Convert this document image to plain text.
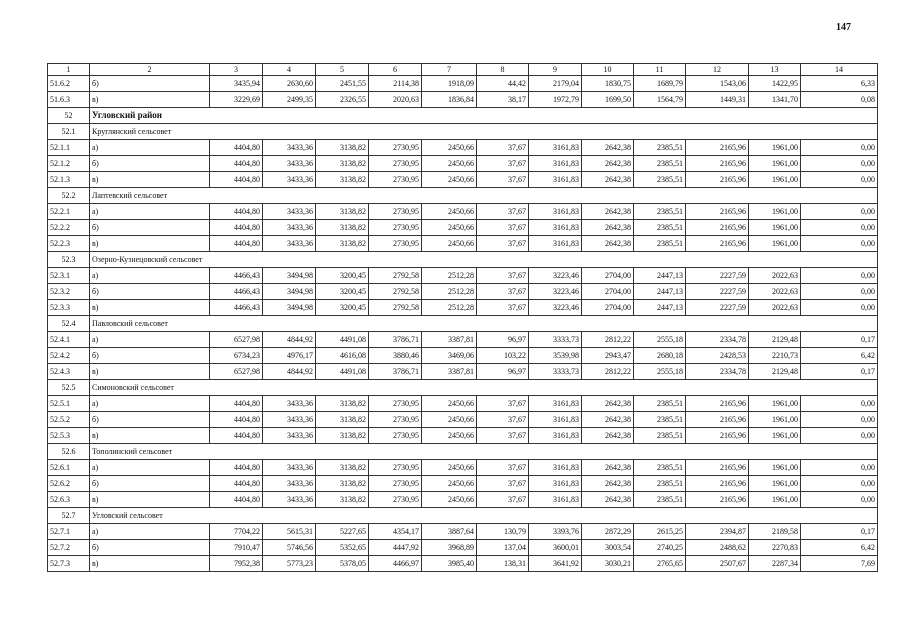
147
1	2	3	4	5	6	7	8	9	10	11	12	13	14
51.6.2	б)	3435,94	2630,60	2451,55	2114,38	1918,09	44,42	2179,04	1830,75	1689,79	1543,06	1422,95	6,33
51.6.3	в)	3229,69	2499,35	2326,55	2020,63	1836,84	38,17	1972,79	1699,50	1564,79	1449,31	1341,70	0,08
52	Угловский район												
52.1	Круглянский сельсовет												
52.1.1	а)	4404,80	3433,36	3138,82	2730,95	2450,66	37,67	3161,83	2642,38	2385,51	2165,96	1961,00	0,00
52.1.2	б)	4404,80	3433,36	3138,82	2730,95	2450,66	37,67	3161,83	2642,38	2385,51	2165,96	1961,00	0,00
52.1.3	в)	4404,80	3433,36	3138,82	2730,95	2450,66	37,67	3161,83	2642,38	2385,51	2165,96	1961,00	0,00
52.2	Лаптевский сельсовет												
52.2.1	а)	4404,80	3433,36	3138,82	2730,95	2450,66	37,67	3161,83	2642,38	2385,51	2165,96	1961,00	0,00
52.2.2	б)	4404,80	3433,36	3138,82	2730,95	2450,66	37,67	3161,83	2642,38	2385,51	2165,96	1961,00	0,00
52.2.3	в)	4404,80	3433,36	3138,82	2730,95	2450,66	37,67	3161,83	2642,38	2385,51	2165,96	1961,00	0,00
52.3	Озерно-Кузнецовский сельсовет												
52.3.1	а)	4466,43	3494,98	3200,45	2792,58	2512,28	37,67	3223,46	2704,00	2447,13	2227,59	2022,63	0,00
52.3.2	б)	4466,43	3494,98	3200,45	2792,58	2512,28	37,67	3223,46	2704,00	2447,13	2227,59	2022,63	0,00
52.3.3	в)	4466,43	3494,98	3200,45	2792,58	2512,28	37,67	3223,46	2704,00	2447,13	2227,59	2022,63	0,00
52.4	Павловский сельсовет												
52.4.1	а)	6527,98	4844,92	4491,08	3786,71	3387,81	96,97	3333,73	2812,22	2555,18	2334,78	2129,48	0,17
52.4.2	б)	6734,23	4976,17	4616,08	3880,46	3469,06	103,22	3539,98	2943,47	2680,18	2428,53	2210,73	6,42
52.4.3	в)	6527,98	4844,92	4491,08	3786,71	3387,81	96,97	3333,73	2812,22	2555,18	2334,78	2129,48	0,17
52.5	Симоновский сельсовет												
52.5.1	а)	4404,80	3433,36	3138,82	2730,95	2450,66	37,67	3161,83	2642,38	2385,51	2165,96	1961,00	0,00
52.5.2	б)	4404,80	3433,36	3138,82	2730,95	2450,66	37,67	3161,83	2642,38	2385,51	2165,96	1961,00	0,00
52.5.3	в)	4404,80	3433,36	3138,82	2730,95	2450,66	37,67	3161,83	2642,38	2385,51	2165,96	1961,00	0,00
52.6	Тополинский сельсовет												
52.6.1	а)	4404,80	3433,36	3138,82	2730,95	2450,66	37,67	3161,83	2642,38	2385,51	2165,96	1961,00	0,00
52.6.2	б)	4404,80	3433,36	3138,82	2730,95	2450,66	37,67	3161,83	2642,38	2385,51	2165,96	1961,00	0,00
52.6.3	в)	4404,80	3433,36	3138,82	2730,95	2450,66	37,67	3161,83	2642,38	2385,51	2165,96	1961,00	0,00
52.7	Угловский сельсовет												
52.7.1	а)	7704,22	5615,31	5227,65	4354,17	3887,64	130,79	3393,76	2872,29	2615,25	2394,87	2189,58	0,17
52.7.2	б)	7910,47	5746,56	5352,65	4447,92	3968,89	137,04	3600,01	3003,54	2740,25	2488,62	2270,83	6,42
52.7.3	в)	7952,38	5773,23	5378,05	4466,97	3985,40	138,31	3641,92	3030,21	2765,65	2507,67	2287,34	7,69
